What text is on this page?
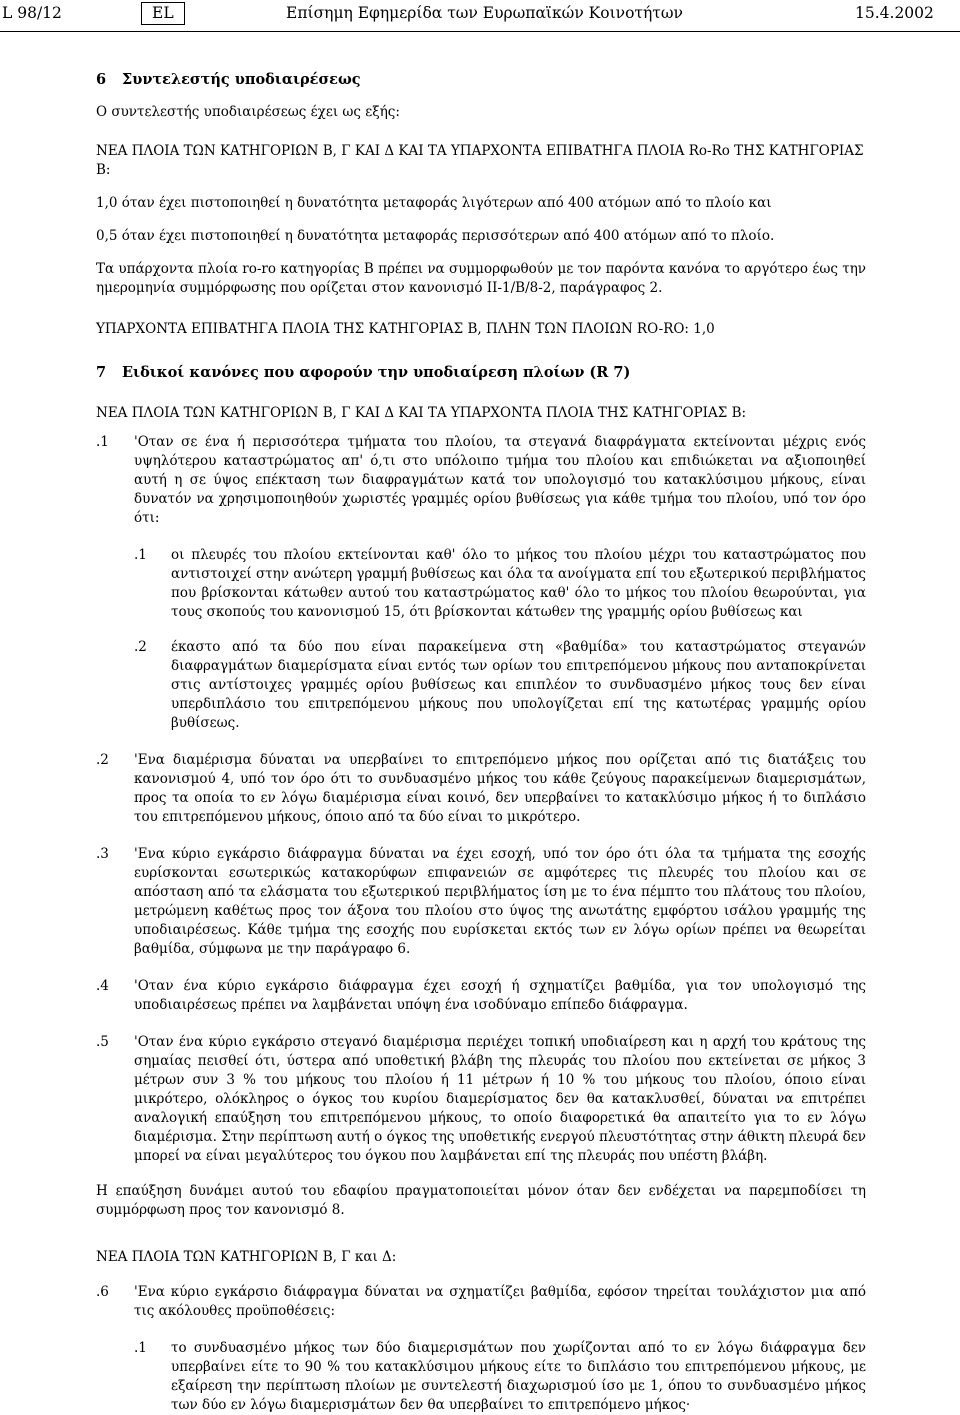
L 98/12	EL	Επίσημη Εφημερίδα των Ευρωπαϊκών Κοινοτήτων	15.4.2002
6	Συντελεστής υποδιαιρέσεως

Ο συντελεστής υποδιαιρέσεως έχει ως εξής:

ΝΕΑ ΠΛΟΙΑ ΤΩΝ ΚΑΤΗΓΟΡΙΩΝ Β, Γ ΚΑΙ Δ ΚΑΙ ΤΑ ΥΠΑΡΧΟΝΤΑ ΕΠΙΒΑΤΗΓΑ ΠΛΟΙΑ Ro-Ro ΤΗΣ ΚΑΤΗΓΟΡΙΑΣ Β:

1,0 όταν έχει πιστοποιηθεί η δυνατότητα μεταφοράς λιγότερων από 400 ατόμων από το πλοίο και

0,5 όταν έχει πιστοποιηθεί η δυνατότητα μεταφοράς περισσότερων από 400 ατόμων από το πλοίο.

Τα υπάρχοντα πλοία ro-ro κατηγορίας Β πρέπει να συμμορφωθούν με τον παρόντα κανόνα το αργότερο έως την ημερομηνία συμμόρφωσης που ορίζεται στον κανονισμό II-1/B/8-2, παράγραφος 2.

ΥΠΑΡΧΟΝΤΑ ΕΠΙΒΑΤΗΓΑ ΠΛΟΙΑ ΤΗΣ ΚΑΤΗΓΟΡΙΑΣ Β, ΠΛΗΝ ΤΩΝ ΠΛΟΙΩΝ RO-RO: 1,0

7	Ειδικοί κανόνες που αφορούν την υποδιαίρεση πλοίων (R 7)

ΝΕΑ ΠΛΟΙΑ ΤΩΝ ΚΑΤΗΓΟΡΙΩΝ Β, Γ ΚΑΙ Δ ΚΑΙ ΤΑ ΥΠΑΡΧΟΝΤΑ ΠΛΟΙΑ ΤΗΣ ΚΑΤΗΓΟΡΙΑΣ Β:

.1	'Οταν σε ένα ή περισσότερα τμήματα του πλοίου, τα στεγανά διαφράγματα εκτείνονται μέχρις ενός υψηλότερου καταστρώματος απ' ό,τι στο υπόλοιπο τμήμα του πλοίου και επιδιώκεται να αξιοποιηθεί αυτή η σε ύψος επέκταση των διαφραγμάτων κατά τον υπολογισμό του κατακλύσιμου μήκους, είναι δυνατόν να χρησιμοποιηθούν χωριστές γραμμές ορίου βυθίσεως για κάθε τμήμα του πλοίου, υπό τον όρο ότι:
.1	οι πλευρές του πλοίου εκτείνονται καθ' όλο το μήκος του πλοίου μέχρι του καταστρώματος που αντιστοιχεί στην ανώτερη γραμμή βυθίσεως και όλα τα ανοίγματα επί του εξωτερικού περιβλήματος που βρίσκονται κάτωθεν αυτού του καταστρώματος καθ' όλο το μήκος του πλοίου θεωρούνται, για τους σκοπούς του κανονισμού 15, ότι βρίσκονται κάτωθεν της γραμμής ορίου βυθίσεως και
.2	έκαστο από τα δύο που είναι παρακείμενα στη «βαθμίδα» του καταστρώματος στεγανών διαφραγμάτων διαμερίσματα είναι εντός των ορίων του επιτρεπόμενου μήκους που ανταποκρίνεται στις αντίστοιχες γραμμές ορίου βυθίσεως και επιπλέον το συνδυασμένο μήκος τους δεν είναι υπερδιπλάσιο του επιτρεπόμενου μήκους που υπολογίζεται επί της κατωτέρας γραμμής ορίου βυθίσεως.
.2	'Ενα διαμέρισμα δύναται να υπερβαίνει το επιτρεπόμενο μήκος που ορίζεται από τις διατάξεις του κανονισμού 4, υπό τον όρο ότι το συνδυασμένο μήκος του κάθε ζεύγους παρακείμενων διαμερισμάτων, προς τα οποία το εν λόγω διαμέρισμα είναι κοινό, δεν υπερβαίνει το κατακλύσιμο μήκος ή το διπλάσιο του επιτρεπόμενου μήκους, όποιο από τα δύο είναι το μικρότερο.
.3	'Ενα κύριο εγκάρσιο διάφραγμα δύναται να έχει εσοχή, υπό τον όρο ότι όλα τα τμήματα της εσοχής ευρίσκονται εσωτερικώς κατακορύφων επιφανειών σε αμφότερες τις πλευρές του πλοίου και σε απόσταση από τα ελάσματα του εξωτερικού περιβλήματος ίση με το ένα πέμπτο του πλάτους του πλοίου, μετρώμενη καθέτως προς τον άξονα του πλοίου στο ύψος της ανωτάτης εμφόρτου ισάλου γραμμής της υποδιαιρέσεως. Κάθε τμήμα της εσοχής που ευρίσκεται εκτός των εν λόγω ορίων πρέπει να θεωρείται βαθμίδα, σύμφωνα με την παράγραφο 6.
.4	'Οταν ένα κύριο εγκάρσιο διάφραγμα έχει εσοχή ή σχηματίζει βαθμίδα, για τον υπολογισμό της υποδιαιρέσεως πρέπει να λαμβάνεται υπόψη ένα ισοδύναμο επίπεδο διάφραγμα.
.5	'Οταν ένα κύριο εγκάρσιο στεγανό διαμέρισμα περιέχει τοπική υποδιαίρεση και η αρχή του κράτους της σημαίας πεισθεί ότι, ύστερα από υποθετική βλάβη της πλευράς του πλοίου που εκτείνεται σε μήκος 3 μέτρων συν 3 % του μήκους του πλοίου ή 11 μέτρων ή 10 % του μήκους του πλοίου, όποιο είναι μικρότερο, ολόκληρος ο όγκος του κυρίου διαμερίσματος δεν θα κατακλυσθεί, δύναται να επιτρέπει αναλογική επαύξηση του επιτρεπόμενου μήκους, το οποίο διαφορετικά θα απαιτείτο για το εν λόγω διαμέρισμα. Στην περίπτωση αυτή ο όγκος της υποθετικής ενεργού πλευστότητας στην άθικτη πλευρά δεν μπορεί να είναι μεγαλύτερος του όγκου που λαμβάνεται επί της πλευράς που υπέστη βλάβη.

Η επαύξηση δυνάμει αυτού του εδαφίου πραγματοποιείται μόνον όταν δεν ενδέχεται να παρεμποδίσει τη συμμόρφωση προς τον κανονισμό 8.

ΝΕΑ ΠΛΟΙΑ ΤΩΝ ΚΑΤΗΓΟΡΙΩΝ Β, Γ και Δ:

.6	'Ενα κύριο εγκάρσιο διάφραγμα δύναται να σχηματίζει βαθμίδα, εφόσον τηρείται τουλάχιστον μια από τις ακόλουθες προϋποθέσεις:
.1	το συνδυασμένο μήκος των δύο διαμερισμάτων που χωρίζονται από το εν λόγω διάφραγμα δεν υπερβαίνει είτε το 90 % του κατακλύσιμου μήκους είτε το διπλάσιο του επιτρεπόμενου μήκους, με εξαίρεση την περίπτωση πλοίων με συντελεστή διαχωρισμού ίσο με 1, όπου το συνδυασμένο μήκος των δύο εν λόγω διαμερισμάτων δεν θα υπερβαίνει το επιτρεπόμενο μήκος·
